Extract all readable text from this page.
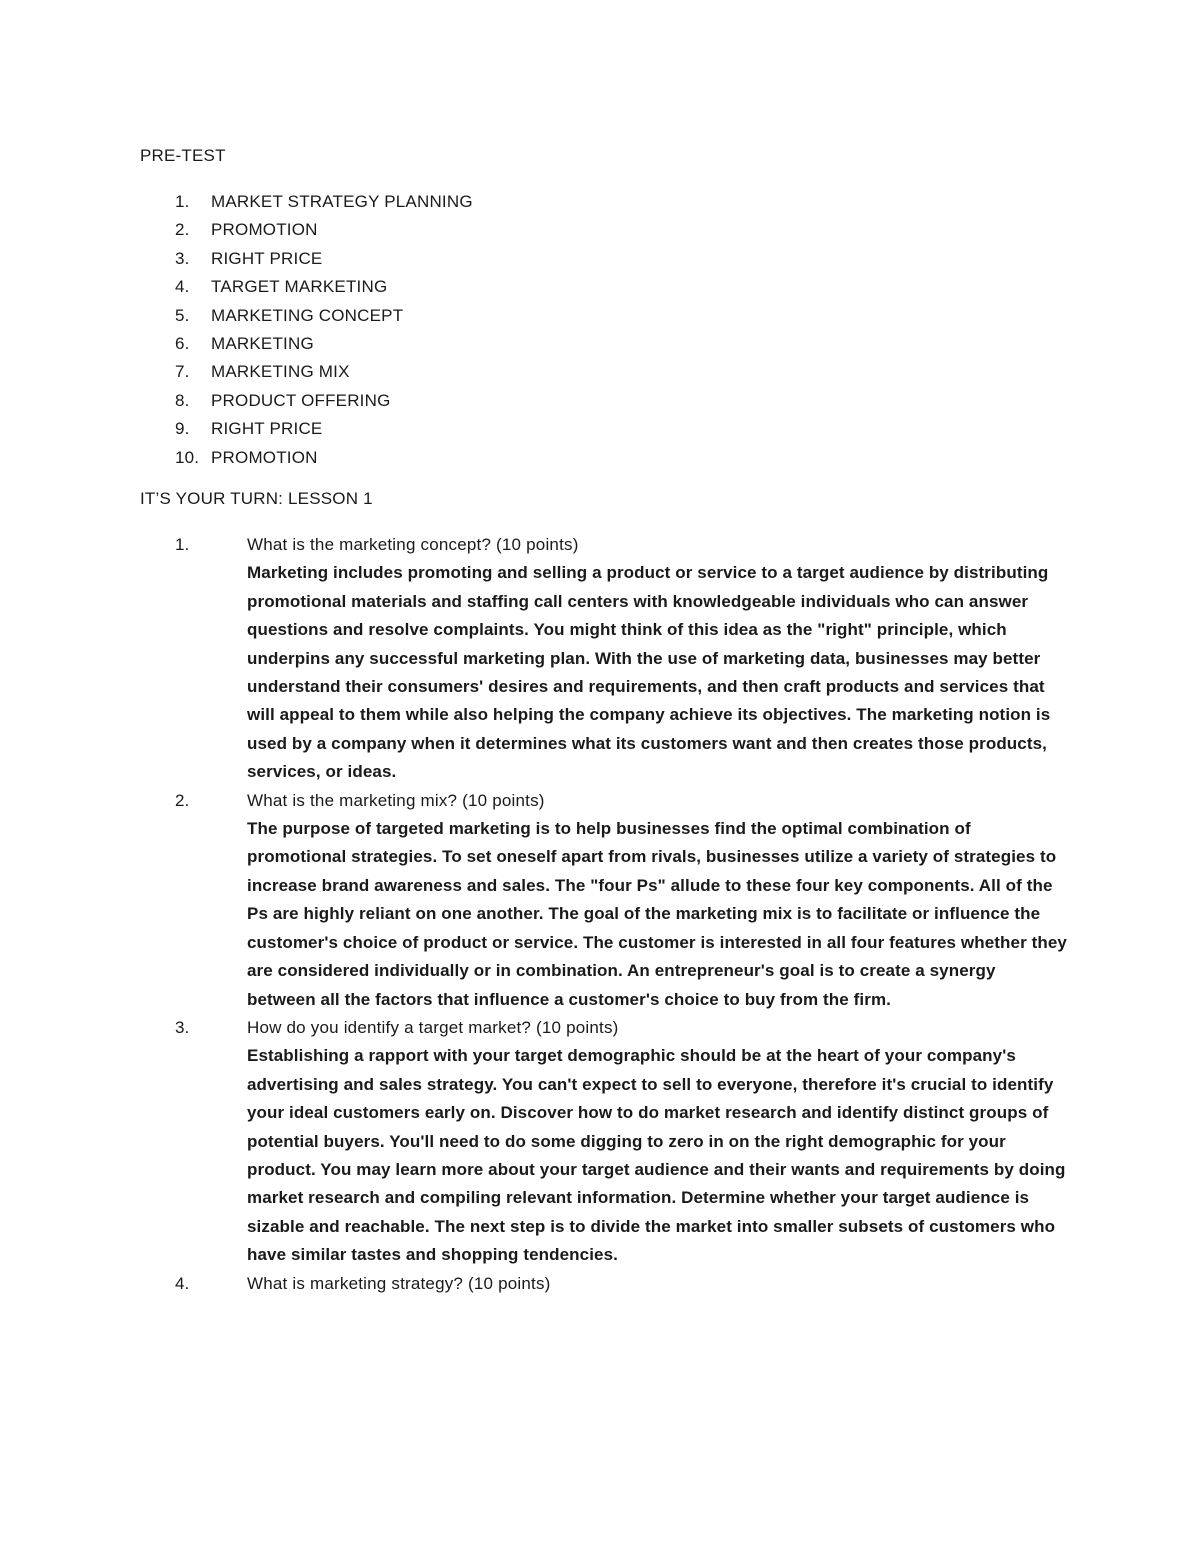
PRE-TEST
1. MARKET STRATEGY PLANNING
2. PROMOTION
3. RIGHT PRICE
4. TARGET MARKETING
5. MARKETING CONCEPT
6. MARKETING
7. MARKETING MIX
8. PRODUCT OFFERING
9. RIGHT PRICE
10. PROMOTION
IT’S YOUR TURN: LESSON 1
1.	What is the marketing concept? (10 points)
Marketing includes promoting and selling a product or service to a target audience by distributing promotional materials and staffing call centers with knowledgeable individuals who can answer questions and resolve complaints. You might think of this idea as the "right" principle, which underpins any successful marketing plan. With the use of marketing data, businesses may better understand their consumers' desires and requirements, and then craft products and services that will appeal to them while also helping the company achieve its objectives. The marketing notion is used by a company when it determines what its customers want and then creates those products, services, or ideas.
2.	What is the marketing mix? (10 points)
The purpose of targeted marketing is to help businesses find the optimal combination of promotional strategies. To set oneself apart from rivals, businesses utilize a variety of strategies to increase brand awareness and sales. The "four Ps" allude to these four key components. All of the Ps are highly reliant on one another. The goal of the marketing mix is to facilitate or influence the customer's choice of product or service. The customer is interested in all four features whether they are considered individually or in combination. An entrepreneur's goal is to create a synergy between all the factors that influence a customer's choice to buy from the firm.
3.	How do you identify a target market? (10 points)
Establishing a rapport with your target demographic should be at the heart of your company's advertising and sales strategy. You can't expect to sell to everyone, therefore it's crucial to identify your ideal customers early on. Discover how to do market research and identify distinct groups of potential buyers. You'll need to do some digging to zero in on the right demographic for your product. You may learn more about your target audience and their wants and requirements by doing market research and compiling relevant information. Determine whether your target audience is sizable and reachable. The next step is to divide the market into smaller subsets of customers who have similar tastes and shopping tendencies.
4.	What is marketing strategy? (10 points)
